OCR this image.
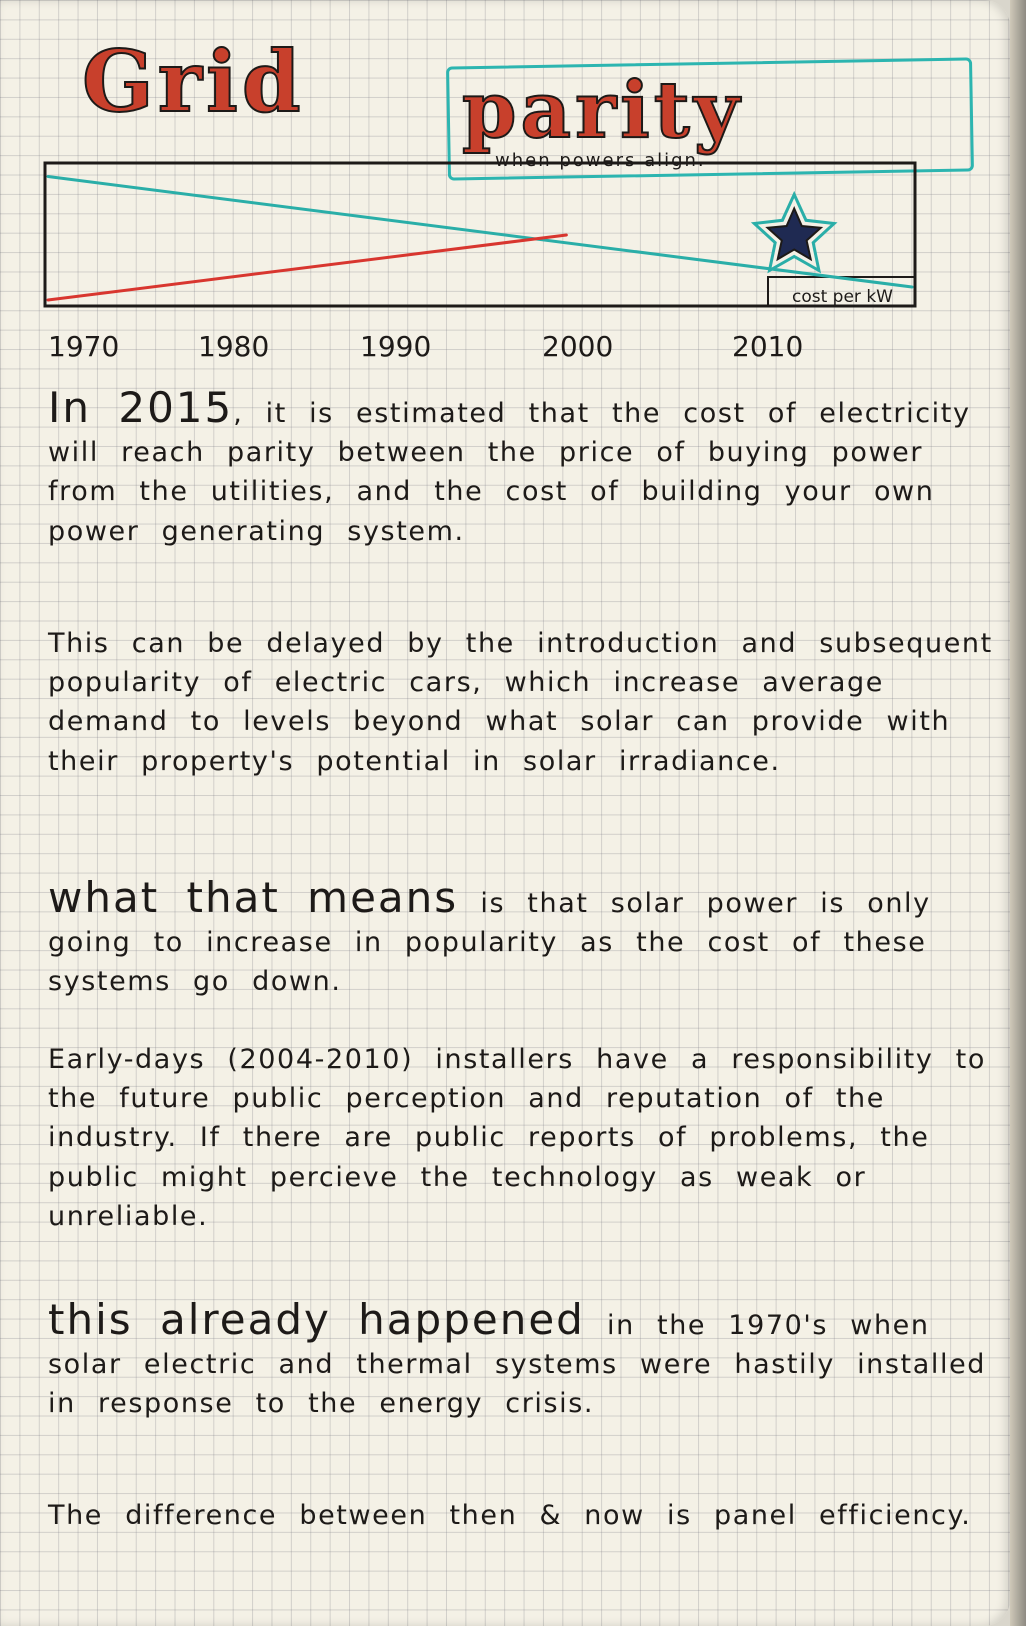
Grid parity
when powers align.
cost per kW
1970	1980	1990	2000	2010

In 2015, it is estimated that the cost of electricity will reach parity between the price of buying power from the utilities, and the cost of building your own power generating system.

This can be delayed by the introduction and subsequent popularity of electric cars, which increase average demand to levels beyond what solar can provide with their property's potential in solar irradiance.

what that means is that solar power is only going to increase in popularity as the cost of these systems go down.

Early-days (2004-2010) installers have a responsibility to the future public perception and reputation of the industry. If there are public reports of problems, the public might percieve the technology as weak or unreliable.

this already happened in the 1970's when solar electric and thermal systems were hastily installed in response to the energy crisis.

The difference between then & now is panel efficiency.
